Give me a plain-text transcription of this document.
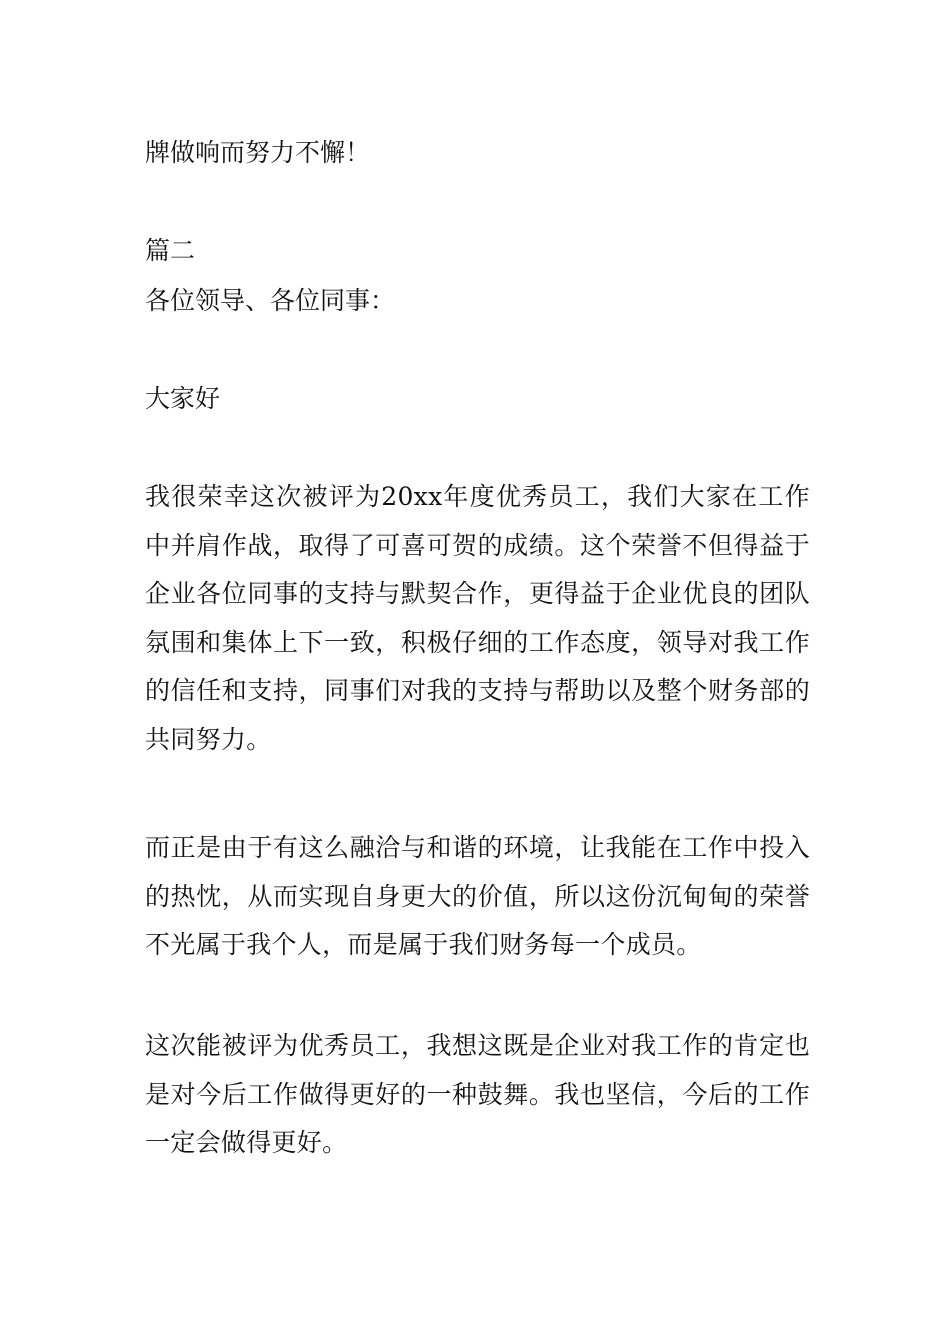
牌做响而努力不懈！

篇二

各位领导、各位同事：

大家好

我很荣幸这次被评为20xx年度优秀员工，我们大家在工作中并肩作战，取得了可喜可贺的成绩。这个荣誉不但得益于企业各位同事的支持与默契合作，更得益于企业优良的团队氛围和集体上下一致，积极仔细的工作态度，领导对我工作的信任和支持，同事们对我的支持与帮助以及整个财务部的共同努力。

而正是由于有这么融洽与和谐的环境，让我能在工作中投入的热忱，从而实现自身更大的价值，所以这份沉甸甸的荣誉不光属于我个人，而是属于我们财务每一个成员。

这次能被评为优秀员工，我想这既是企业对我工作的肯定也是对今后工作做得更好的一种鼓舞。我也坚信，今后的工作一定会做得更好。
